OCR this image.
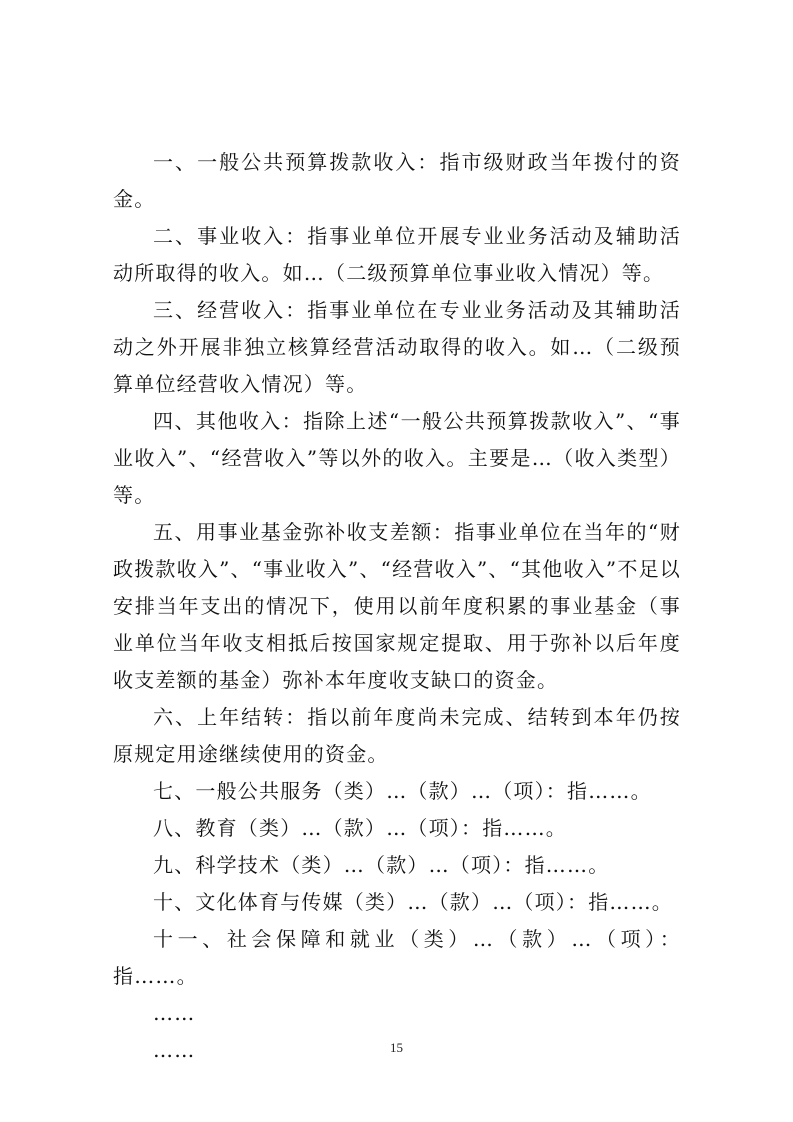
一、一般公共预算拨款收入：指市级财政当年拨付的资金。

二、事业收入：指事业单位开展专业业务活动及辅助活动所取得的收入。如…（二级预算单位事业收入情况）等。

三、经营收入：指事业单位在专业业务活动及其辅助活动之外开展非独立核算经营活动取得的收入。如…（二级预算单位经营收入情况）等。

四、其他收入：指除上述“一般公共预算拨款收入”、“事业收入”、“经营收入”等以外的收入。主要是…（收入类型）等。

五、用事业基金弥补收支差额：指事业单位在当年的“财政拨款收入”、“事业收入”、“经营收入”、“其他收入”不足以安排当年支出的情况下，使用以前年度积累的事业基金（事业单位当年收支相抵后按国家规定提取、用于弥补以后年度收支差额的基金）弥补本年度收支缺口的资金。

六、上年结转：指以前年度尚未完成、结转到本年仍按原规定用途继续使用的资金。

七、一般公共服务（类）…（款）…（项）：指……。

八、教育（类）…（款）…（项）：指……。

九、科学技术（类）…（款）…（项）：指……。

十、文化体育与传媒（类）…（款）…（项）：指……。

十一、社会保障和就业（类）…（款）…（项）：指……。

……

……	15
